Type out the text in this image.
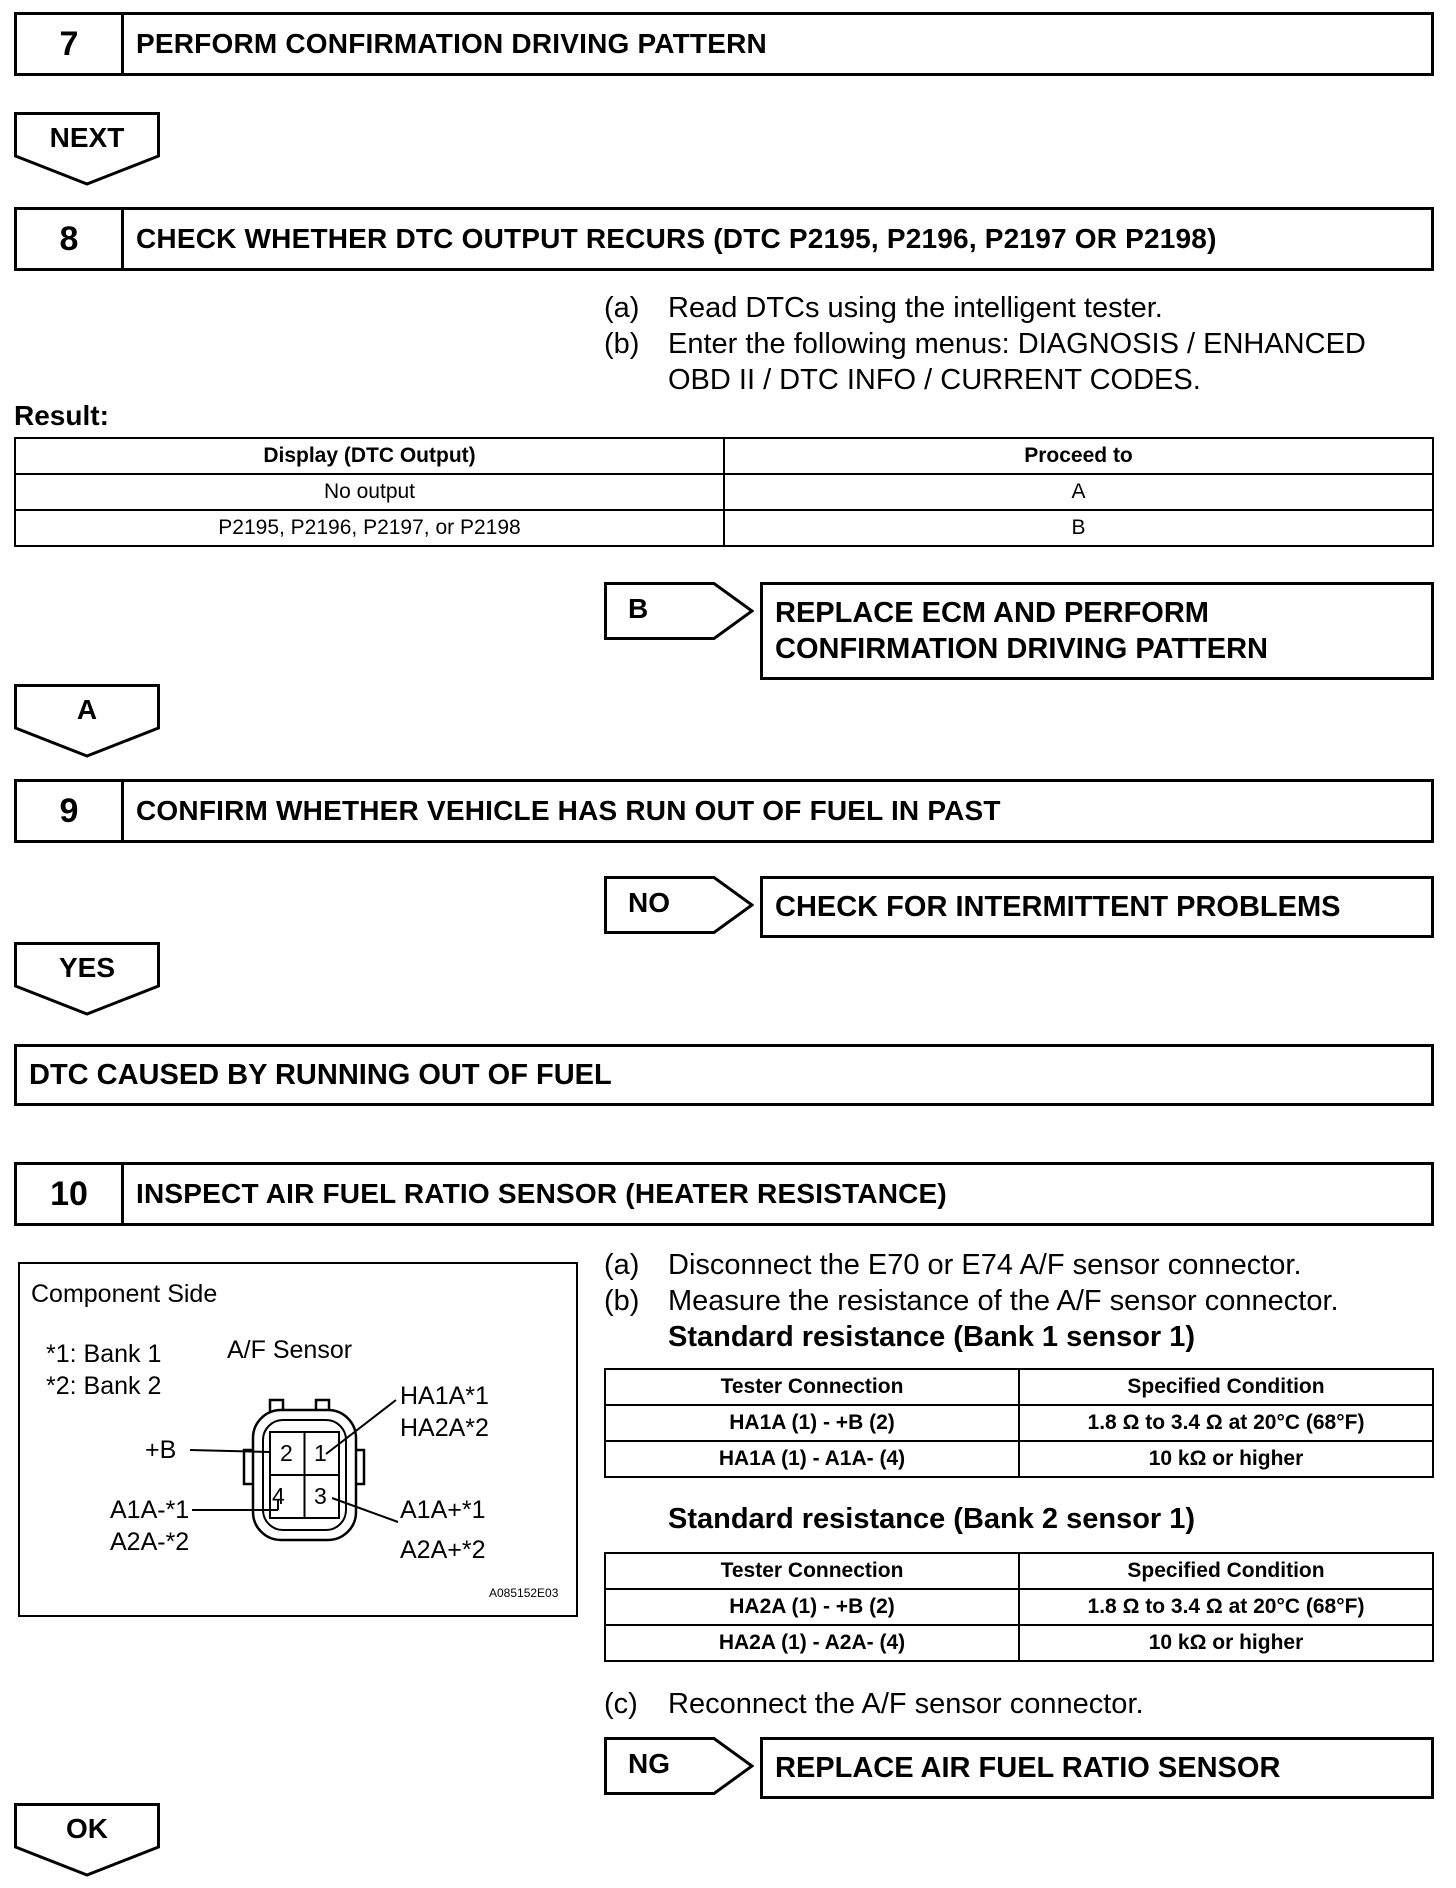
7	PERFORM CONFIRMATION DRIVING PATTERN
NEXT
8	CHECK WHETHER DTC OUTPUT RECURS (DTC P2195, P2196, P2197 OR P2198)
(a) Read DTCs using the intelligent tester.
(b) Enter the following menus: DIAGNOSIS / ENHANCED
OBD II / DTC INFO / CURRENT CODES.
Result:
Display (DTC Output)	Proceed to
No output	A
P2195, P2196, P2197, or P2198	B
B	REPLACE ECM AND PERFORM
CONFIRMATION DRIVING PATTERN
A
9	CONFIRM WHETHER VEHICLE HAS RUN OUT OF FUEL IN PAST
NO	CHECK FOR INTERMITTENT PROBLEMS
YES
DTC CAUSED BY RUNNING OUT OF FUEL
10	INSPECT AIR FUEL RATIO SENSOR (HEATER RESISTANCE)
Component Side
*1: Bank 1
*2: Bank 2
A/F Sensor
HA1A*1
HA2A*2
+B
A1A-*1
A2A-*2
A1A+*1
A2A+*2
A085152E03
2 1
4 3
(a) Disconnect the E70 or E74 A/F sensor connector.
(b) Measure the resistance of the A/F sensor connector.
Standard resistance (Bank 1 sensor 1)
Tester Connection	Specified Condition
HA1A (1) - +B (2)	1.8 Ω to 3.4 Ω at 20°C (68°F)
HA1A (1) - A1A- (4)	10 kΩ or higher
Standard resistance (Bank 2 sensor 1)
Tester Connection	Specified Condition
HA2A (1) - +B (2)	1.8 Ω to 3.4 Ω at 20°C (68°F)
HA2A (1) - A2A- (4)	10 kΩ or higher
(c) Reconnect the A/F sensor connector.
NG	REPLACE AIR FUEL RATIO SENSOR
OK
